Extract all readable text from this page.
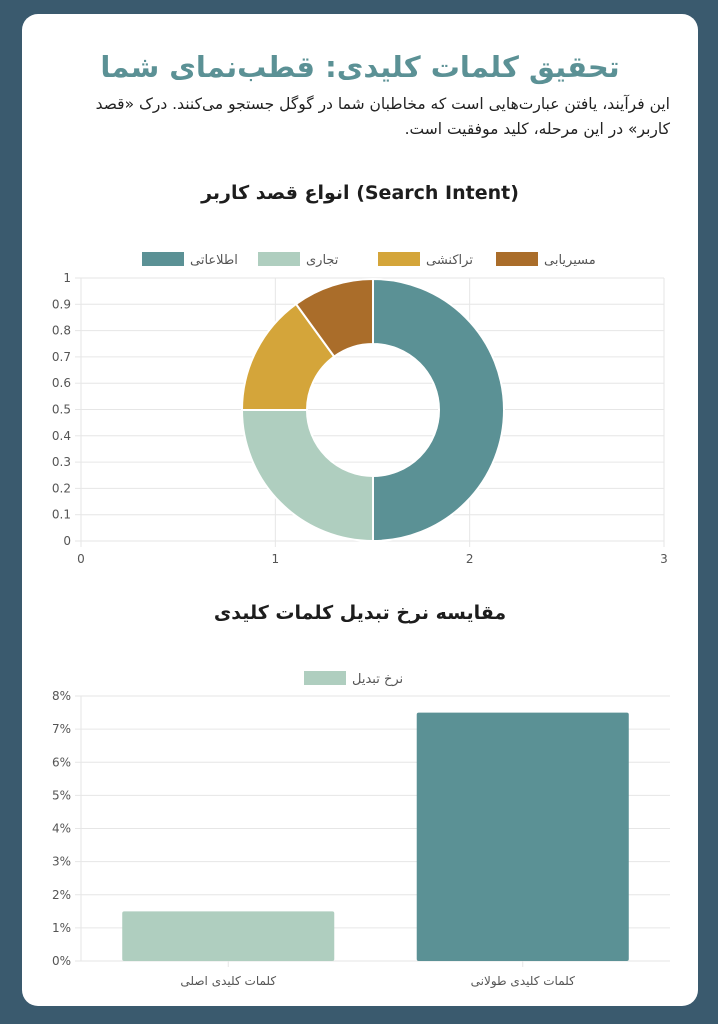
تحقیق کلمات کلیدی: قطب‌نمای شما

این فرآیند، یافتن عبارت‌هایی است که مخاطبان شما در گوگل جستجو می‌کنند. درک «قصد کاربر» در این مرحله، کلید موفقیت است.

انواع قصد کاربر (Search Intent)
اطلاعاتی	تجاری	تراکنشی	مسیریابی
0
0.1
0.2
0.3
0.4
0.5
0.6
0.7
0.8
0.9
1
0	1	2	3
مقایسه نرخ تبدیل کلمات کلیدی
نرخ تبدیل
0%
1%
2%
3%
4%
5%
6%
7%
8%
کلمات کلیدی اصلی	کلمات کلیدی طولانی
